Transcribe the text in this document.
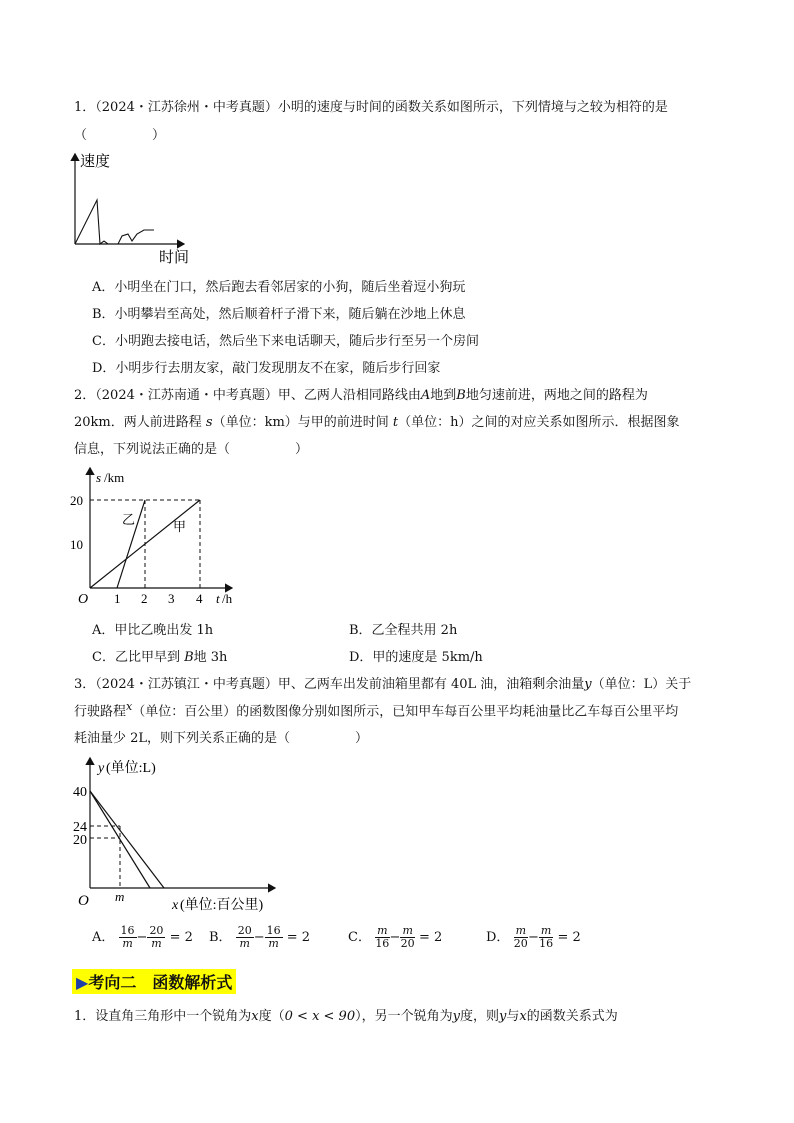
1．（2024・江苏徐州・中考真题）小明的速度与时间的函数关系如图所示，下列情境与之较为相符的是
（　　　　　）
速度
时间
A．小明坐在门口，然后跑去看邻居家的小狗，随后坐着逗小狗玩
B．小明攀岩至高处，然后顺着杆子滑下来，随后躺在沙地上休息
C．小明跑去接电话，然后坐下来电话聊天，随后步行至另一个房间
D．小明步行去朋友家，敲门发现朋友不在家，随后步行回家
2．（2024・江苏南通・中考真题）甲、乙两人沿相同路线由A地到B地匀速前进，两地之间的路程为
20km．两人前进路程 s（单位：km）与甲的前进时间 t（单位：h）之间的对应关系如图所示．根据图象
信息，下列说法正确的是（　　　　　）
s /km
20
10
O 1 2 3 4 t /h
乙	甲
A．甲比乙晚出发 1h	B．乙全程共用 2h
C．乙比甲早到 B地 3h	D．甲的速度是 5km/h
3．（2024・江苏镇江・中考真题）甲、乙两车出发前油箱里都有 40L 油，油箱剩余油量y（单位：L）关于
行驶路程$^x$（单位：百公里）的函数图像分别如图所示，已知甲车每百公里平均耗油量比乙车每百公里平均
耗油量少 2L，则下列关系正确的是（　　　　　）
y (单位:L)
40
24
20
O m
x (单位:百公里)
A． $\frac{16}{m} - \frac{20}{m} = 2$ B． $\frac{20}{m} - \frac{16}{m} = 2$	C． $\frac{m}{16} - \frac{m}{20} = 2$	D． $\frac{m}{20} - \frac{m}{16} = 2$
▶考向二　函数解析式
1．设直角三角形中一个锐角为x度（0 < x < 90），另一个锐角为y度，则y与x的函数关系式为
